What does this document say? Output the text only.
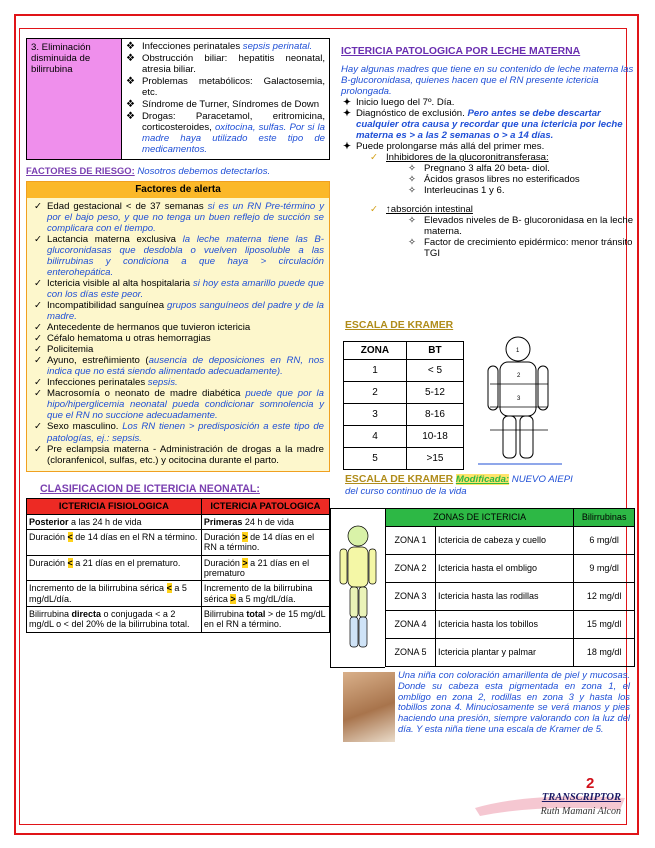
3. Eliminación disminuida de bilirrubina	
❖ Infecciones perinatales sepsis perinatal.
❖ Obstrucción biliar: hepatitis neonatal, atresia biliar.
❖ Problemas metabólicos: Galactosemia, etc.
❖ Síndrome de Turner, Síndromes de Down
❖ Drogas: Paracetamol, eritromicina, corticosteroides, oxitocina, sulfas. Por si la madre haya utilizado este tipo de medicamentos.
FACTORES DE RIESGO: Nosotros debemos detectarlos.
Factores de alerta
✓ Edad gestacional < de 37 semanas si es un RN Pre-término y por el bajo peso, y que no tenga un buen reflejo de succión se complicara con el tiempo.
✓ Lactancia materna exclusiva la leche materna tiene las B-glucoronidasas que desdobla o vuelven liposoluble a las bilirrubinas y condiciona a que haya > circulación enterohepática.
✓ Ictericia visible al alta hospitalaria si hoy esta amarillo puede que con los días este peor.
✓ Incompatibilidad sanguínea grupos sanguíneos del padre y de la madre.
✓ Antecedente de hermanos que tuvieron ictericia
✓ Céfalo hematoma u otras hemorragias
✓ Policitemia
✓ Ayuno, estreñimiento (ausencia de deposiciones en RN, nos indica que no está siendo alimentado adecuadamente).
✓ Infecciones perinatales sepsis.
✓ Macrosomía o neonato de madre diabética puede que por la hipo/hiperglicemia neonatal pueda condicionar somnolencia y que el RN no succione adecuadamente.
✓ Sexo masculino. Los RN tienen > predisposición a este tipo de patologías, ej.: sepsis.
✓ Pre eclampsia materna - Administración de drogas a la madre (cloranfenicol, sulfas, etc.) y ocitocina durante el parto.
CLASIFICACION DE ICTERICIA NEONATAL:
ICTERICIA FISIOLOGICA	ICTERICIA PATOLOGICA
Posterior a las 24 h de vida	Primeras 24 h de vida
Duración < de 14 días en el RN a término.	Duración > de 14 días en el RN a término.
Duración < a 21 días en el prematuro.	Duración > a 21 días en el prematuro
Incremento de la bilirrubina sérica < a 5 mg/dL/día.	Incremento de la bilirrubina sérica > a 5 mg/dL/día.
Bilirrubina directa o conjugada < a 2 mg/dL o < del 20% de la bilirrubina total.	Bilirrubina total > de 15 mg/dL en el RN a término.
ICTERICIA PATOLOGICA POR LECHE MATERNA
Hay algunas madres que tiene en su contenido de leche materna las B-glucoronidasa, quienes hacen que el RN presente ictericia prolongada.
✦ Inicio luego del 7º. Día.
✦ Diagnóstico de exclusión. Pero antes se debe descartar cualquier otra causa y recordar que una ictericia por leche materna es > a las 2 semanas o > a 14 días.
✦ Puede prolongarse más allá del primer mes.
✓ Inhibidores de la glucoronitransferasa:
✧ Pregnano 3 alfa 20 beta- diol.
✧ Ácidos grasos libres no esterificados
✧ Interleucinas 1 y 6.
✓ ↑absorción intestinal
✧ Elevados niveles de B- glucoronidasa en la leche materna.
✧ Factor de crecimiento epidérmico: menor tránsito TGI
ESCALA DE KRAMER
ZONA	BT
1	< 5
2	5-12
3	8-16
4	10-18
5	>15
1
2
3
ESCALA DE KRAMER Modificada: NUEVO AIEPI
del curso continuo de la vida
ZONAS DE ICTERICIA		Bilirrubinas
ZONA 1	Ictericia de cabeza y cuello	6 mg/dl
ZONA 2	Ictericia hasta el ombligo	9 mg/dl
ZONA 3	Ictericia hasta las rodillas	12 mg/dl
ZONA 4	Ictericia hasta los tobillos	15 mg/dl
ZONA 5	Ictericia plantar y palmar	18 mg/dl
Una niña con coloración amarillenta de piel y mucosas. Donde su cabeza esta pigmentada en zona 1, el ombligo en zona 2, rodillas en zona 3 y hasta los tobillos zona 4. Minuciosamente se verá manos y pies haciendo una presión, siempre valorando con la luz del día. Y esta niña tiene una escala de Kramer de 5.
2
TRANSCRIPTOR
Ruth Mamani Alcon
